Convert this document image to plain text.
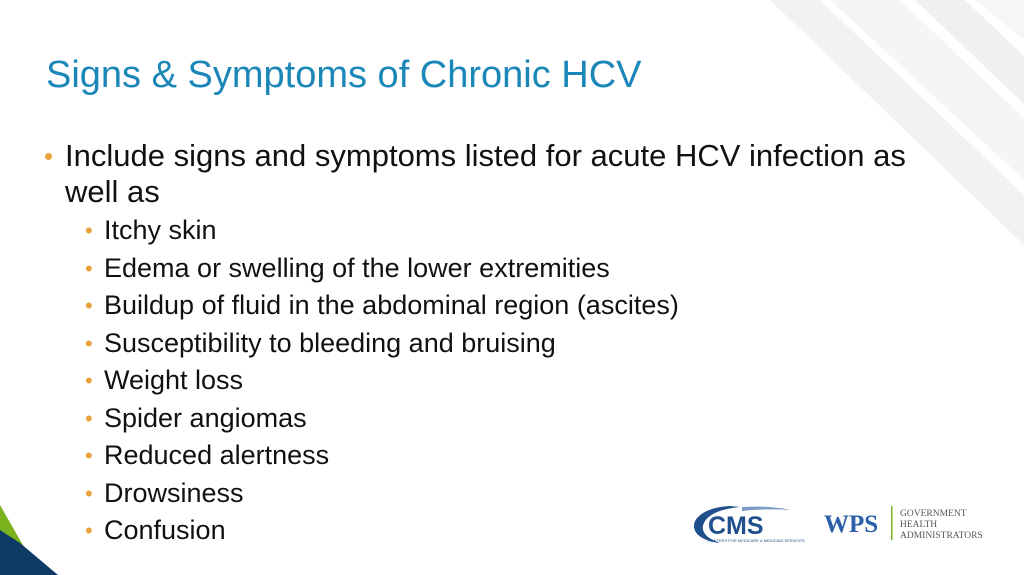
Signs & Symptoms of Chronic HCV
• Include signs and symptoms listed for acute HCV infection as well as
• Itchy skin
• Edema or swelling of the lower extremities
• Buildup of fluid in the abdominal region (ascites)
• Susceptibility to bleeding and bruising
• Weight loss
• Spider angiomas
• Reduced alertness
• Drowsiness
• Confusion	CMS
CENTERS FOR MEDICARE & MEDICAID SERVICES
WPS GOVERNMENT
HEALTH
ADMINISTRATORS
